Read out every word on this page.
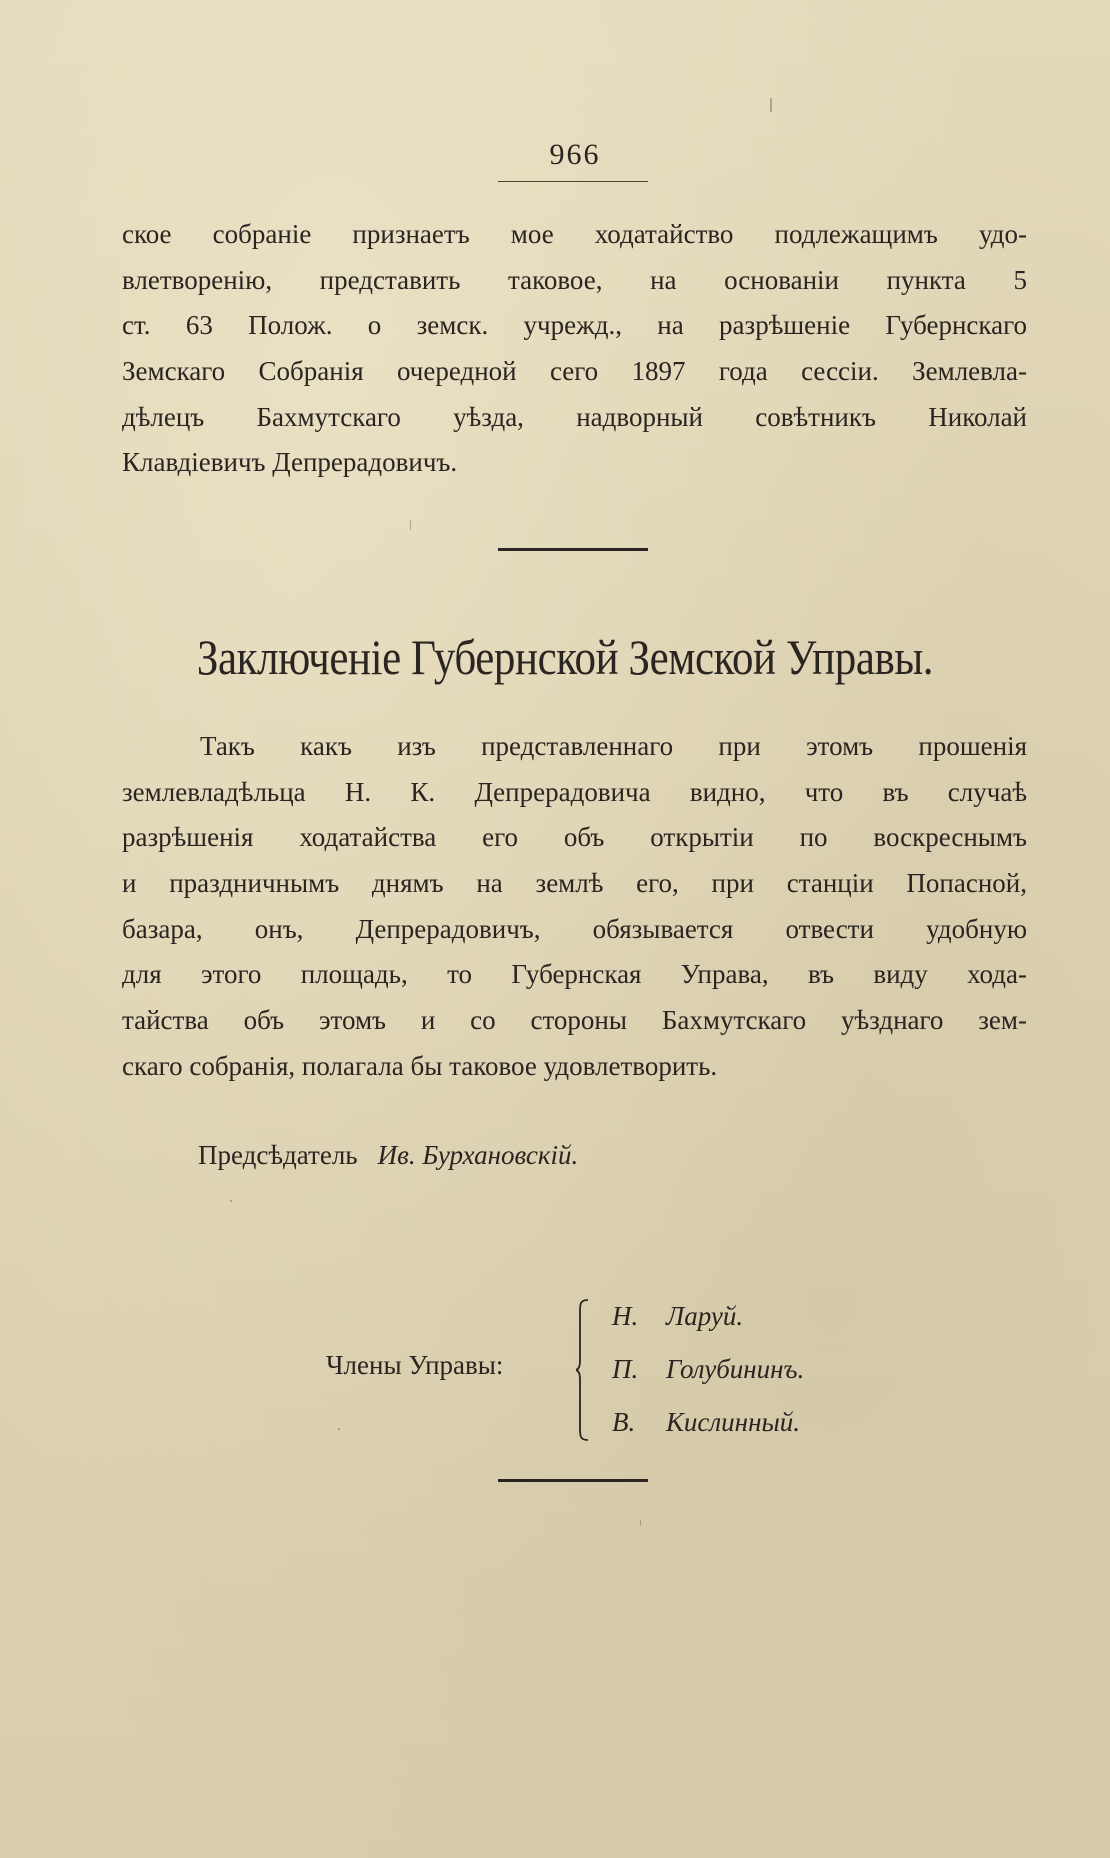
966
ское собраніе признаетъ мое ходатайство подлежащимъ удо-
влетворенію, представить таковое, на основаніи пункта 5
ст. 63 Полож. о земск. учрежд., на разрѣшеніе Губернскаго
Земскаго Собранія очередной сего 1897 года сессіи. Землевла-
дѣлецъ Бахмутскаго уѣзда, надворный совѣтникъ Николай
Клавдіевичъ Депрерадовичъ.
Заключеніе Губернской Земской Управы.
Такъ какъ изъ представленнаго при этомъ прошенія
землевладѣльца Н. К. Депрерадовича видно, что въ случаѣ
разрѣшенія ходатайства его объ открытіи по воскреснымъ
и праздничнымъ днямъ на землѣ его, при станціи Попасной,
базара, онъ, Депрерадовичъ, обязывается отвести удобную
для этого площадь, то Губернская Управа, въ виду хода-
тайства объ этомъ и со стороны Бахмутскаго уѣзднаго зем-
скаго собранія, полагала бы таковое удовлетворить.
Предсѣдатель Ив. Бурхановскій.
Члены Управы:
Н. Ларуй.
П. Голубининъ.
В. Кислинный.
